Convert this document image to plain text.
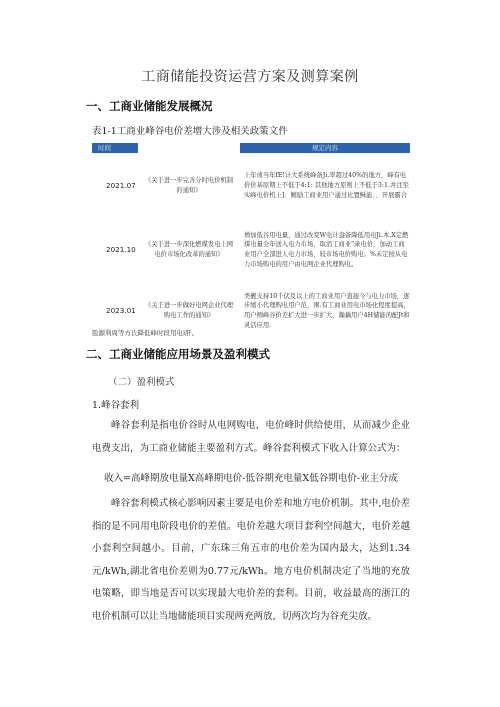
工商储能投资运营方案及测算案例
一、工商业储能发展概况
表1-1工商业峰谷电价差增大涉及相关政策文件
时间		规定内容
2021.07	《关于进一步完善分时电价机制的通知》	上年或当年fE!计大系统峰备Ji.率超过40%的地方，峰有电价价基原期上不低于4:1: 其他地方原则上不低于3:1.并注至实峰电价机上]．鲍励工商业用户通过比置稣能．、开展霸合
2021.10	《关于进一步深化燃煤发电上网电价市场化改革的通知》	增加低谷用电量，通过改变W电计盎备降低用电Ji.本.X定燃煤电量全年送入电力市场，取消工商业”录电价，加动工商业用户全部进人电力市场，较市场电价购电；%未定按从电力市场购电的用户由电网企业代理购电。
2023.01	《关于进一步做好电网企业代理购电工作的通知》	类靓支持10千伏及以上的工商业用户直接今与电力市场，逐步缩小代理购电用户范，围.有工商业用电市场化程度提高，用户侧峰谷价差扩大进一步扩大，瀚藕用户4H储能的配Jt和灵活应用.
脸源利周等方氏降低峰时段用电i肝。
二、工商业储能应用场景及盈利模式
（二）盈利模式
1.峰谷套利
峰谷套利是指电价谷时从电网购电，电价峰时供给使用，从而减少企业电费支出，为工商业储能主要盈利方式。峰谷套利模式下收入计算公式为：
收入=高峰期放电量X高峰期电价-低谷期充电量X低谷期电价-业主分成
峰谷套利模式核心影响因素主要是电价差和地方电价机制。其中,电价差指的是不同用电阶段电价的差值。电价差越大项目套利空间越大，电价差越小套利空间越小。目前，广东珠三角五市的电价差为国内最大，达到1.34元/kWh,湖北省电价差则为0.77元/kWh。地方电价机制决定了当地的充放电策略，即当地是否可以实现最大电价差的套利。目前，收益最高的浙江的电价机制可以让当地储能项目实现两充两放，切两次均为谷充尖放。
